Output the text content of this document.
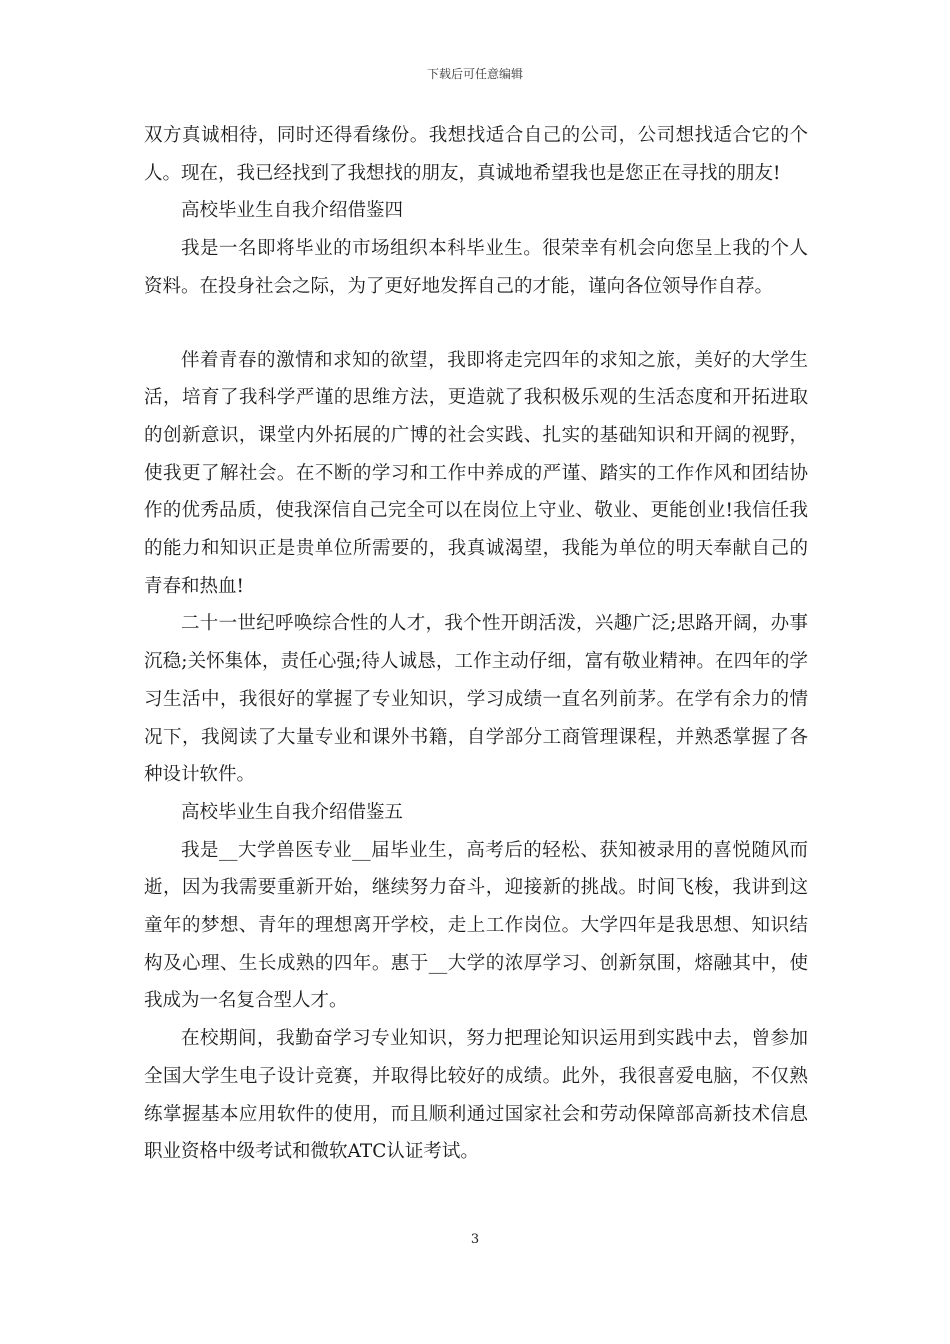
下载后可任意编辑

双方真诚相待，同时还得看缘份。我想找适合自己的公司，公司想找适合它的个人。现在，我已经找到了我想找的朋友，真诚地希望我也是您正在寻找的朋友!

高校毕业生自我介绍借鉴四

我是一名即将毕业的市场组织本科毕业生。很荣幸有机会向您呈上我的个人资料。在投身社会之际，为了更好地发挥自己的才能，谨向各位领导作自荐。

伴着青春的激情和求知的欲望，我即将走完四年的求知之旅，美好的大学生活，培育了我科学严谨的思维方法，更造就了我积极乐观的生活态度和开拓进取的创新意识，课堂内外拓展的广博的社会实践、扎实的基础知识和开阔的视野，使我更了解社会。在不断的学习和工作中养成的严谨、踏实的工作作风和团结协作的优秀品质，使我深信自己完全可以在岗位上守业、敬业、更能创业!我信任我的能力和知识正是贵单位所需要的，我真诚渴望，我能为单位的明天奉献自己的青春和热血!

二十一世纪呼唤综合性的人才，我个性开朗活泼，兴趣广泛;思路开阔，办事沉稳;关怀集体，责任心强;待人诚恳，工作主动仔细，富有敬业精神。在四年的学习生活中，我很好的掌握了专业知识，学习成绩一直名列前茅。在学有余力的情况下，我阅读了大量专业和课外书籍，自学部分工商管理课程，并熟悉掌握了各种设计软件。

高校毕业生自我介绍借鉴五

我是__大学兽医专业__届毕业生，高考后的轻松、获知被录用的喜悦随风而逝，因为我需要重新开始，继续努力奋斗，迎接新的挑战。时间飞梭，我讲到这童年的梦想、青年的理想离开学校，走上工作岗位。大学四年是我思想、知识结构及心理、生长成熟的四年。惠于__大学的浓厚学习、创新氛围，熔融其中，使我成为一名复合型人才。

在校期间，我勤奋学习专业知识，努力把理论知识运用到实践中去，曾参加全国大学生电子设计竞赛，并取得比较好的成绩。此外，我很喜爱电脑，不仅熟练掌握基本应用软件的使用，而且顺利通过国家社会和劳动保障部高新技术信息职业资格中级考试和微软ATC认证考试。

3
